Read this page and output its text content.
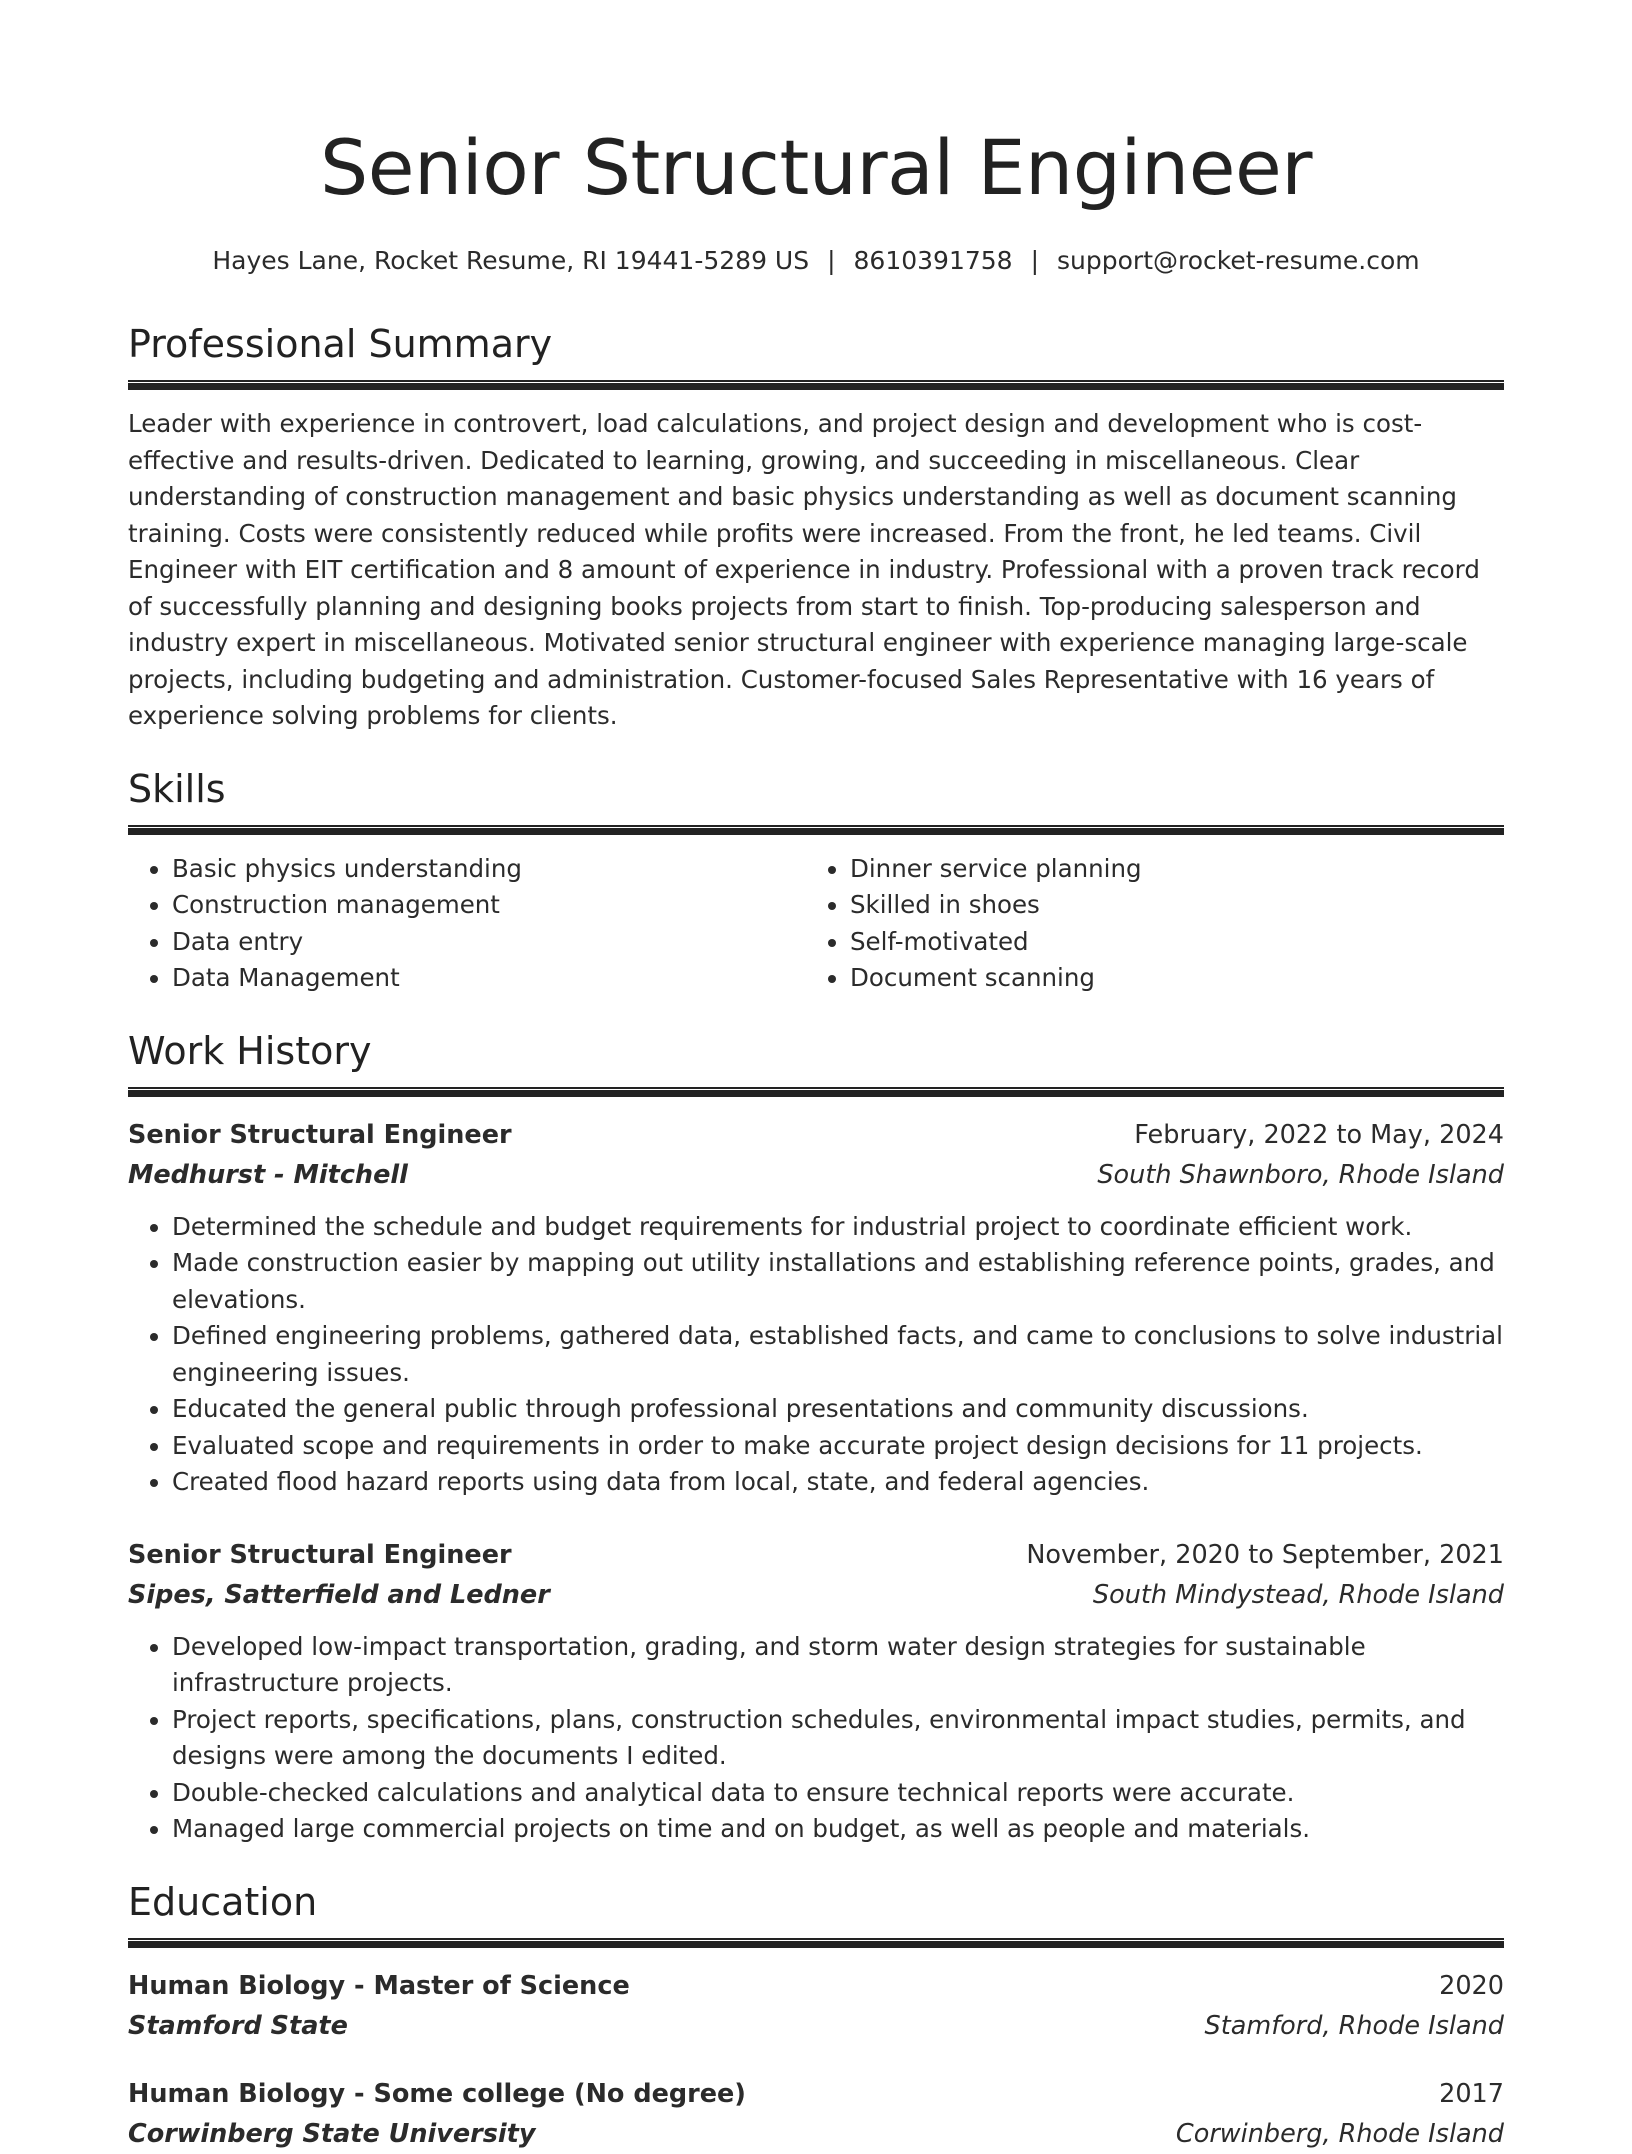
Senior Structural Engineer
Hayes Lane, Rocket Resume, RI 19441-5289 US | 8610391758 | support@rocket-resume.com
Professional Summary

Leader with experience in controvert, load calculations, and project design and development who is cost-effective and results-driven. Dedicated to learning, growing, and succeeding in miscellaneous. Clear understanding of construction management and basic physics understanding as well as document scanning training. Costs were consistently reduced while profits were increased. From the front, he led teams. Civil Engineer with EIT certification and 8 amount of experience in industry. Professional with a proven track record of successfully planning and designing books projects from start to finish. Top-producing salesperson and industry expert in miscellaneous. Motivated senior structural engineer with experience managing large-scale projects, including budgeting and administration. Customer-focused Sales Representative with 16 years of experience solving problems for clients.

Skills
• Basic physics understanding
• Construction management
• Data entry
• Data Management
• Dinner service planning
• Skilled in shoes
• Self-motivated
• Document scanning
Work History
Senior Structural Engineer	February, 2022 to May, 2024
Medhurst - Mitchell	South Shawnboro, Rhode Island
• Determined the schedule and budget requirements for industrial project to coordinate efficient work.
• Made construction easier by mapping out utility installations and establishing reference points, grades, and elevations.
• Defined engineering problems, gathered data, established facts, and came to conclusions to solve industrial engineering issues.
• Educated the general public through professional presentations and community discussions.
• Evaluated scope and requirements in order to make accurate project design decisions for 11 projects.
• Created flood hazard reports using data from local, state, and federal agencies.
Senior Structural Engineer	November, 2020 to September, 2021
Sipes, Satterfield and Ledner	South Mindystead, Rhode Island
• Developed low-impact transportation, grading, and storm water design strategies for sustainable infrastructure projects.
• Project reports, specifications, plans, construction schedules, environmental impact studies, permits, and designs were among the documents I edited.
• Double-checked calculations and analytical data to ensure technical reports were accurate.
• Managed large commercial projects on time and on budget, as well as people and materials.
Education
Human Biology - Master of Science	2020
Stamford State	Stamford, Rhode Island
Human Biology - Some college (No degree)	2017
Corwinberg State University	Corwinberg, Rhode Island
